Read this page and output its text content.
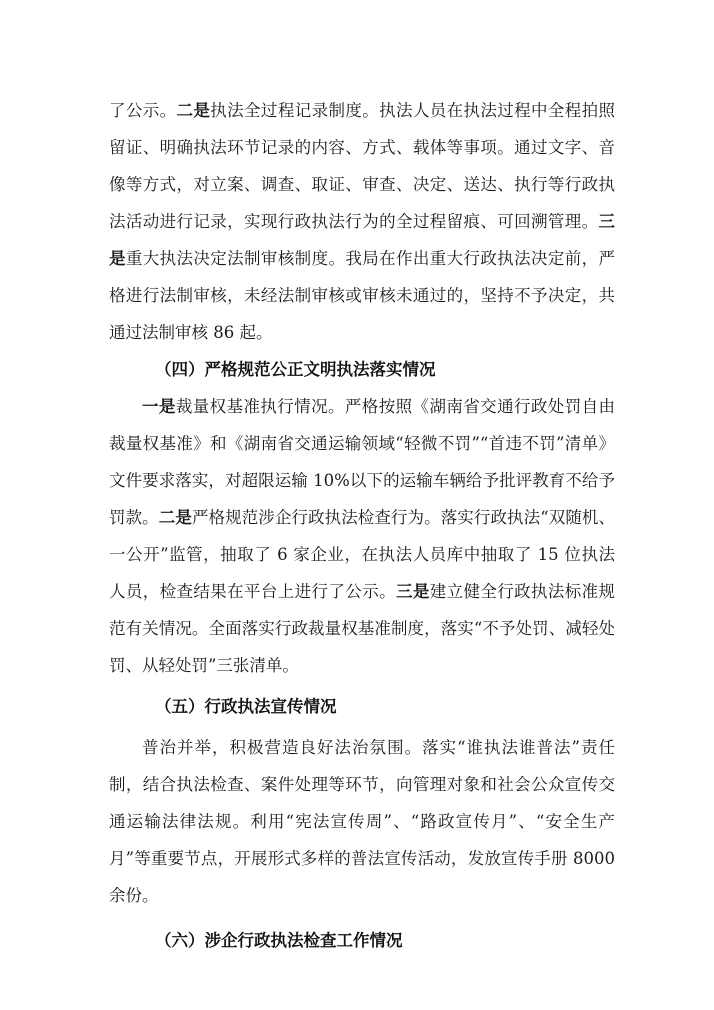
了公示。二是执法全过程记录制度。执法人员在执法过程中全程拍照留证、明确执法环节记录的内容、方式、载体等事项。通过文字、音像等方式，对立案、调查、取证、审查、决定、送达、执行等行政执法活动进行记录，实现行政执法行为的全过程留痕、可回溯管理。三是重大执法决定法制审核制度。我局在作出重大行政执法决定前，严格进行法制审核，未经法制审核或审核未通过的，坚持不予决定，共通过法制审核 86 起。

（四）严格规范公正文明执法落实情况

一是裁量权基准执行情况。严格按照《湖南省交通行政处罚自由裁量权基准》和《湖南省交通运输领域“轻微不罚”“首违不罚”清单》文件要求落实，对超限运输 10%以下的运输车辆给予批评教育不给予罚款。二是严格规范涉企行政执法检查行为。落实行政执法“双随机、一公开”监管，抽取了 6 家企业，在执法人员库中抽取了 15 位执法人员，检查结果在平台上进行了公示。三是建立健全行政执法标准规范有关情况。全面落实行政裁量权基准制度，落实“不予处罚、减轻处罚、从轻处罚”三张清单。

（五）行政执法宣传情况

普治并举，积极营造良好法治氛围。落实“谁执法谁普法”责任制，结合执法检查、案件处理等环节，向管理对象和社会公众宣传交通运输法律法规。利用“宪法宣传周”、“路政宣传月”、“安全生产月”等重要节点，开展形式多样的普法宣传活动，发放宣传手册 8000 余份。

（六）涉企行政执法检查工作情况
